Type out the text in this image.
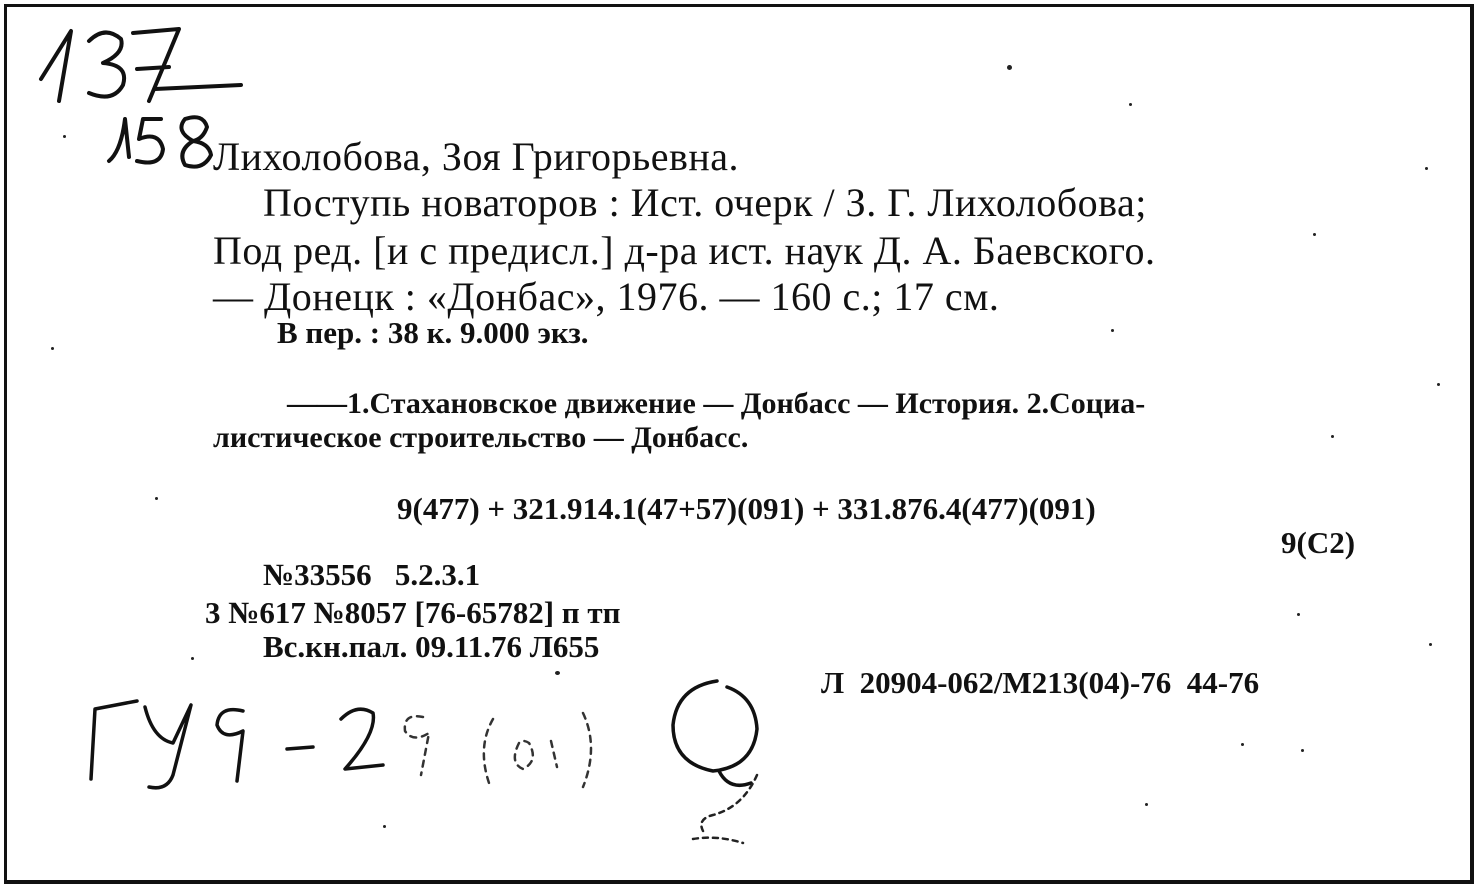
Лихолобова, Зоя Григорьевна.
Поступь новаторов : Ист. очерк / З. Г. Лихолобова;
Под ред. [и с предисл.] д-ра ист. наук Д. А. Баевского.
— Донецк : «Донбас», 1976. — 160 с.; 17 см.
В пер. : 38 к. 9.000 экз.
——1.Стахановское движение — Донбасс — История. 2.Социа-
листическое строительство — Донбасс.
9(477) + 321.914.1(47+57)(091) + 331.876.4(477)(091)
9(С2)
№33556   5.2.3.1
3 №617 №8057 [76-65782] п тп
Вс.кн.пал. 09.11.76 Л655
Л  20904-062/М213(04)-76  44-76
